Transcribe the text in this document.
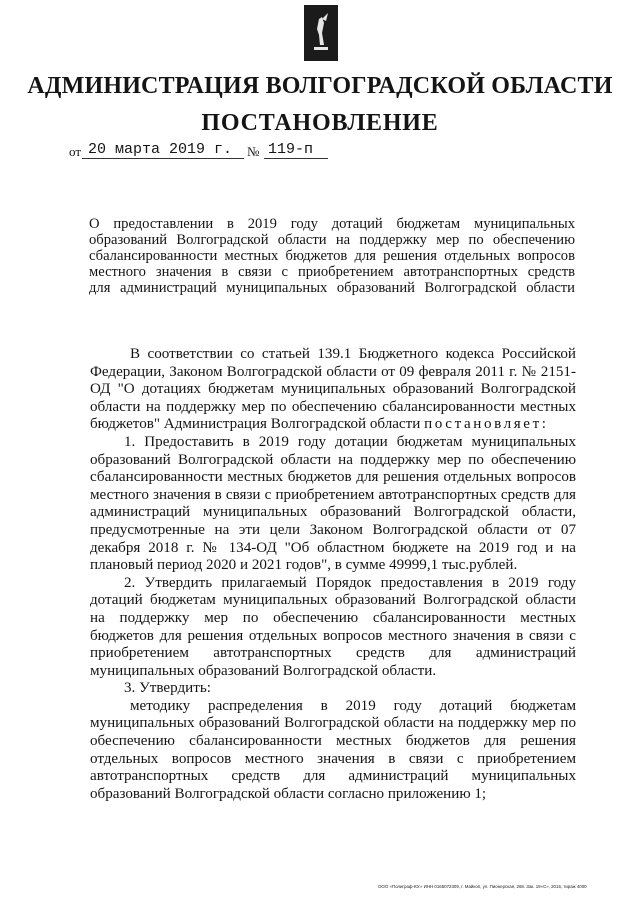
АДМИНИСТРАЦИЯ ВОЛГОГРАДСКОЙ ОБЛАСТИ
ПОСТАНОВЛЕНИЕ
от 20 марта 2019 г.	№ 119-п
О предоставлении в 2019 году дотаций бюджетам муниципальных
образований Волгоградской области на поддержку мер по обеспечению
сбалансированности местных бюджетов для решения отдельных вопросов
местного значения в связи с приобретением автотранспортных средств
для администраций муниципальных образований Волгоградской области

В соответствии со статьей 139.1 Бюджетного кодекса Российской Федерации, Законом Волгоградской области от 09 февраля 2011 г. № 2151-ОД "О дотациях бюджетам муниципальных образований Волгоградской области на поддержку мер по обеспечению сбалансированности местных бюджетов" Администрация Волгоградской области постановляет:

1. Предоставить в 2019 году дотации бюджетам муниципальных образований Волгоградской области на поддержку мер по обеспечению сбалансированности местных бюджетов для решения отдельных вопросов местного значения в связи с приобретением автотранспортных средств для администраций муниципальных образований Волгоградской области, предусмотренные на эти цели Законом Волгоградской области от 07 декабря 2018 г. № 134-ОД "Об областном бюджете на 2019 год и на плановый период 2020 и 2021 годов", в сумме 49999,1 тыс.рублей.

2. Утвердить прилагаемый Порядок предоставления в 2019 году дотаций бюджетам муниципальных образований Волгоградской области на поддержку мер по обеспечению сбалансированности местных бюджетов для решения отдельных вопросов местного значения в связи с приобретением автотранспортных средств для администраций муниципальных образований Волгоградской области.

3. Утвердить:

методику распределения в 2019 году дотаций бюджетам муниципальных образований Волгоградской области на поддержку мер по обеспечению сбалансированности местных бюджетов для решения отдельных вопросов местного значения в связи с приобретением автотранспортных средств для администраций муниципальных образований Волгоградской области согласно приложению 1;

ООО «Полиграф-Юг» ИНН 0165072309, г. Майкоп, ул. Пионерская, 268. Зак. 19«С», 2015, тираж 4000
